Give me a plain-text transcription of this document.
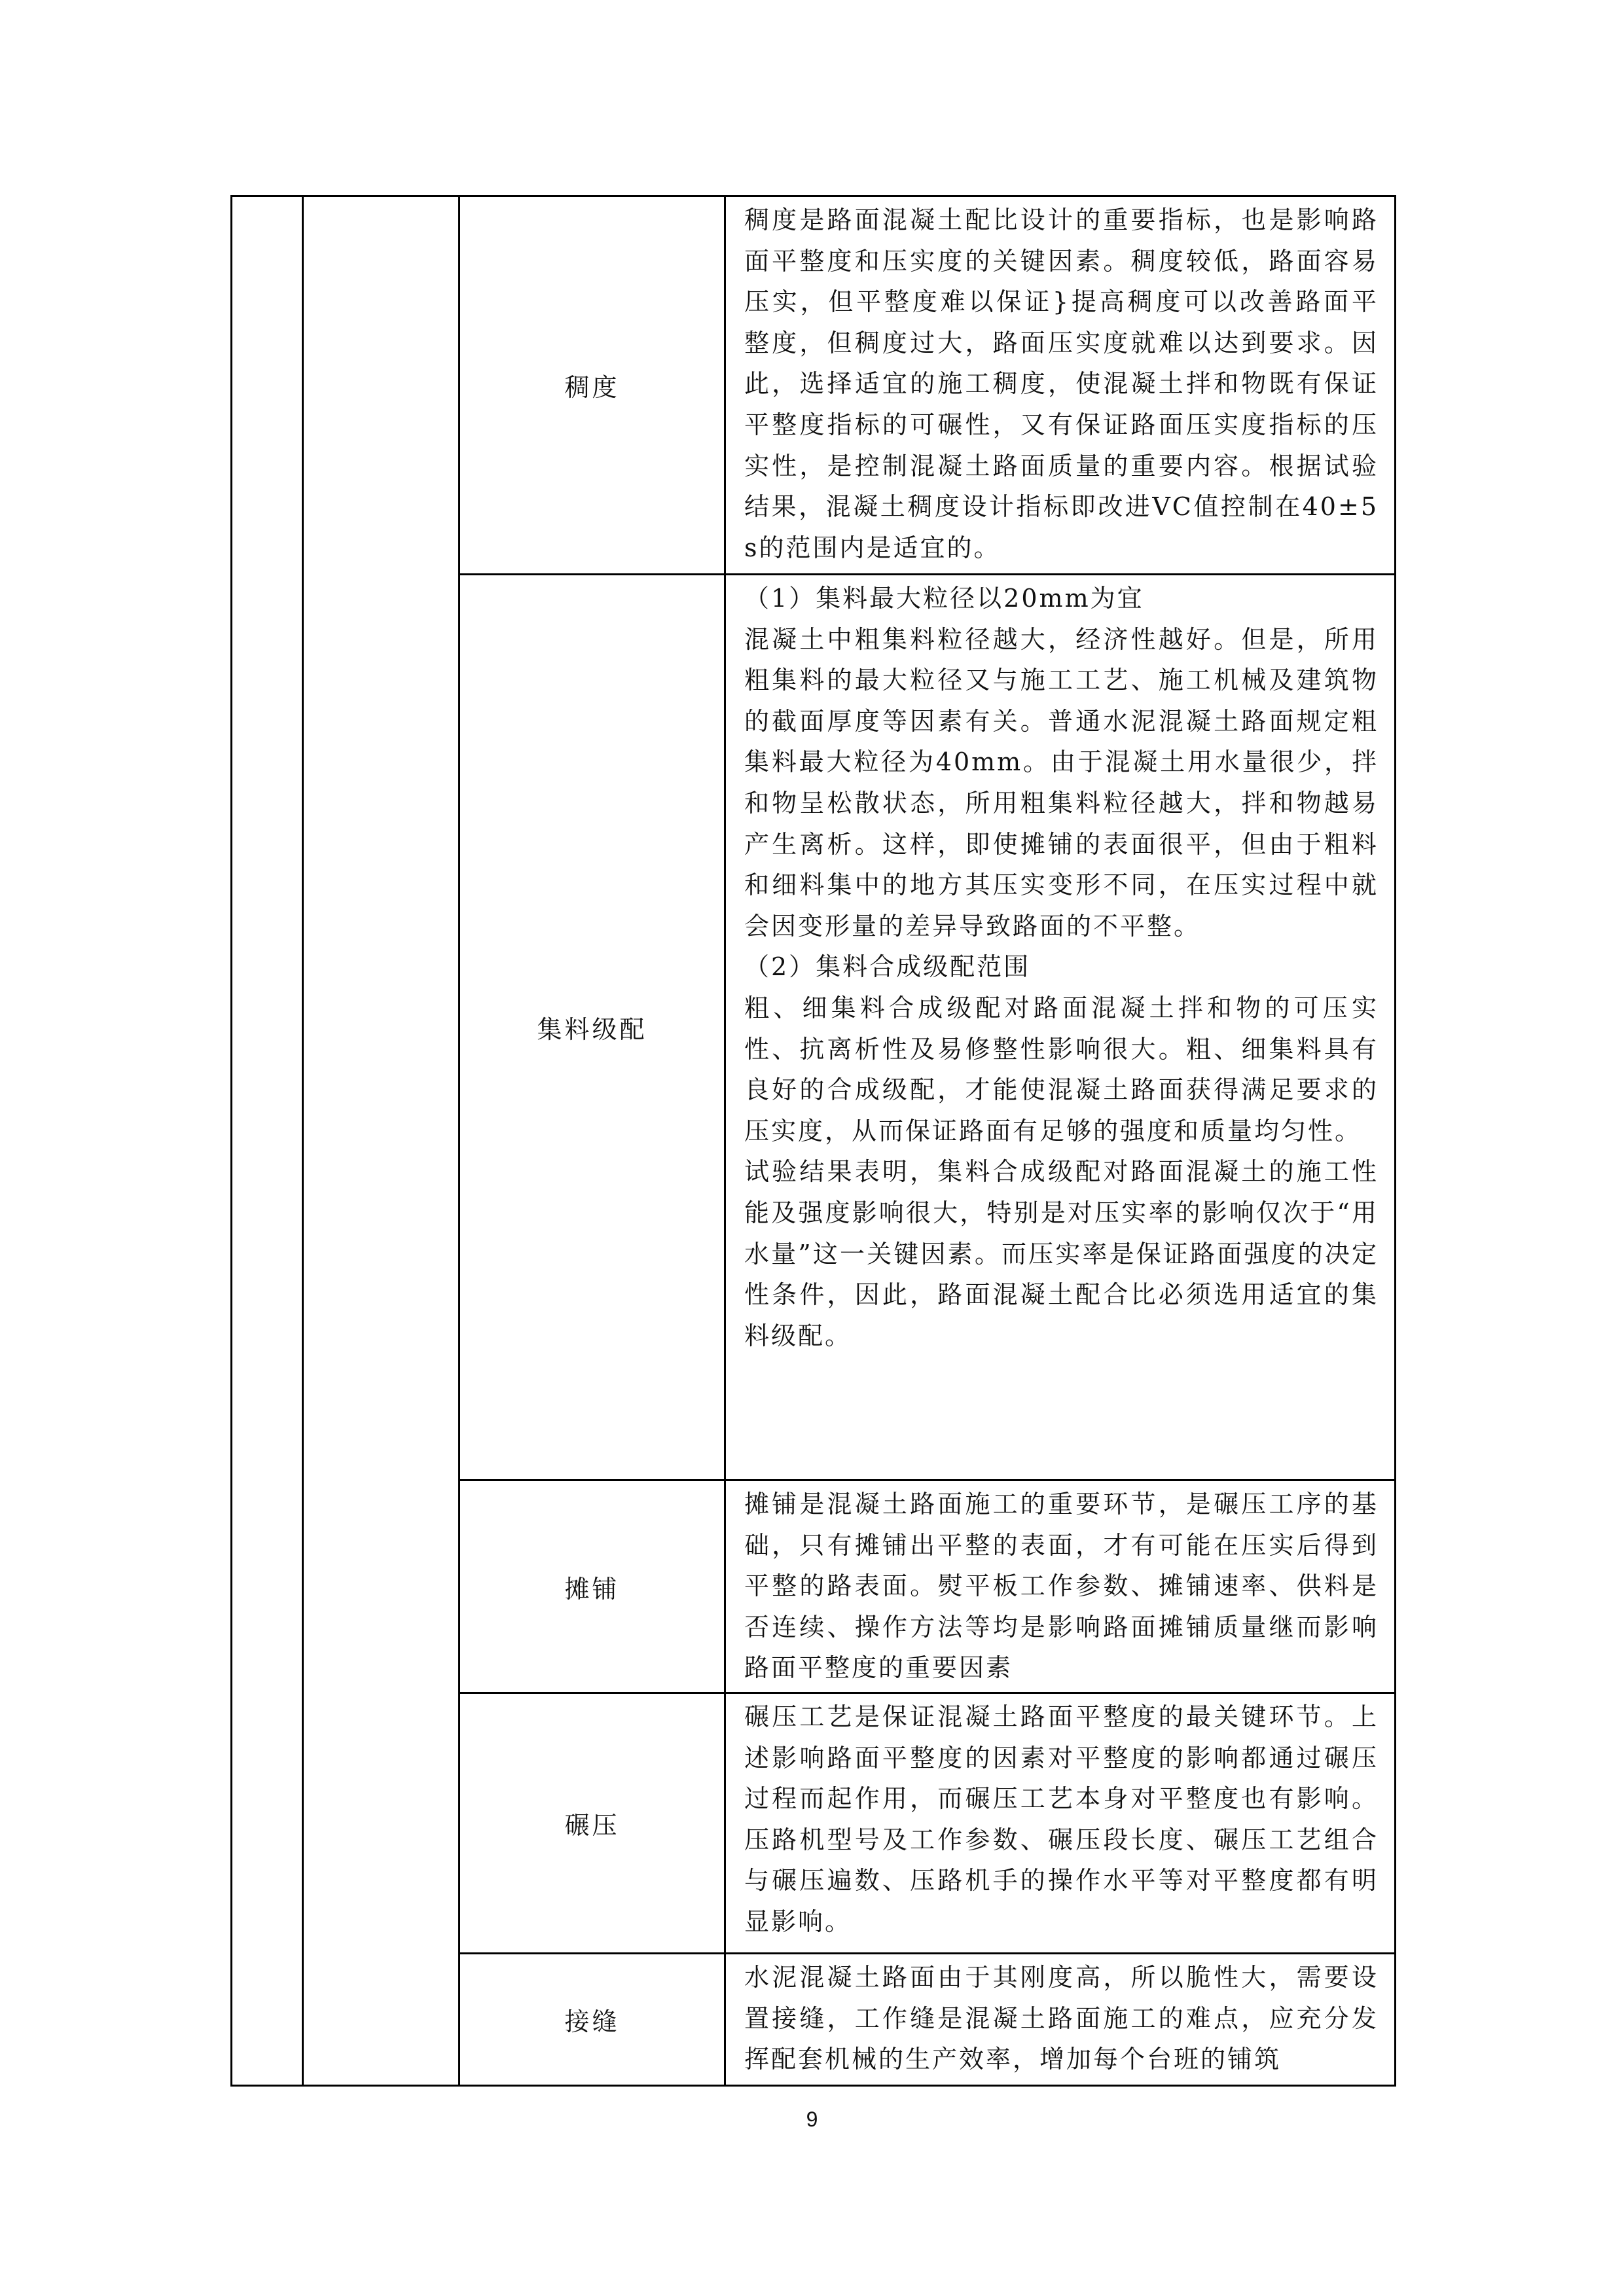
		稠度	稠度是路面混凝土配比设计的重要指标，也是影响路面平整度和压实度的关键因素。稠度较低，路面容易压实，但平整度难以保证}提高稠度可以改善路面平整度，但稠度过大，路面压实度就难以达到要求。因此，选择适宜的施工稠度，使混凝土拌和物既有保证平整度指标的可碾性，又有保证路面压实度指标的压实性，是控制混凝土路面质量的重要内容。根据试验结果，混凝土稠度设计指标即改进VC值控制在40±5s的范围内是适宜的。

		集料级配	（1）集料最大粒径以20mm为宜

混凝土中粗集料粒径越大，经济性越好。但是，所用粗集料的最大粒径又与施工工艺、施工机械及建筑物的截面厚度等因素有关。普通水泥混凝土路面规定粗集料最大粒径为40mm。由于混凝土用水量很少，拌和物呈松散状态，所用粗集料粒径越大，拌和物越易产生离析。这样，即使摊铺的表面很平，但由于粗料和细料集中的地方其压实变形不同，在压实过程中就会因变形量的差异导致路面的不平整。

（2）集料合成级配范围

粗、细集料合成级配对路面混凝土拌和物的可压实性、抗离析性及易修整性影响很大。粗、细集料具有良好的合成级配，才能使混凝土路面获得满足要求的压实度，从而保证路面有足够的强度和质量均匀性。

试验结果表明，集料合成级配对路面混凝土的施工性能及强度影响很大，特别是对压实率的影响仅次于“用水量”这一关键因素。而压实率是保证路面强度的决定性条件，因此，路面混凝土配合比必须选用适宜的集料级配。

		摊铺	摊铺是混凝土路面施工的重要环节，是碾压工序的基础，只有摊铺出平整的表面，才有可能在压实后得到平整的路表面。熨平板工作参数、摊铺速率、供料是否连续、操作方法等均是影响路面摊铺质量继而影响路面平整度的重要因素

		碾压	碾压工艺是保证混凝土路面平整度的最关键环节。上述影响路面平整度的因素对平整度的影响都通过碾压过程而起作用，而碾压工艺本身对平整度也有影响。压路机型号及工作参数、碾压段长度、碾压工艺组合与碾压遍数、压路机手的操作水平等对平整度都有明显影响。

		接缝	水泥混凝土路面由于其刚度高，所以脆性大，需要设置接缝，工作缝是混凝土路面施工的难点，应充分发挥配套机械的生产效率，增加每个台班的铺筑

9
